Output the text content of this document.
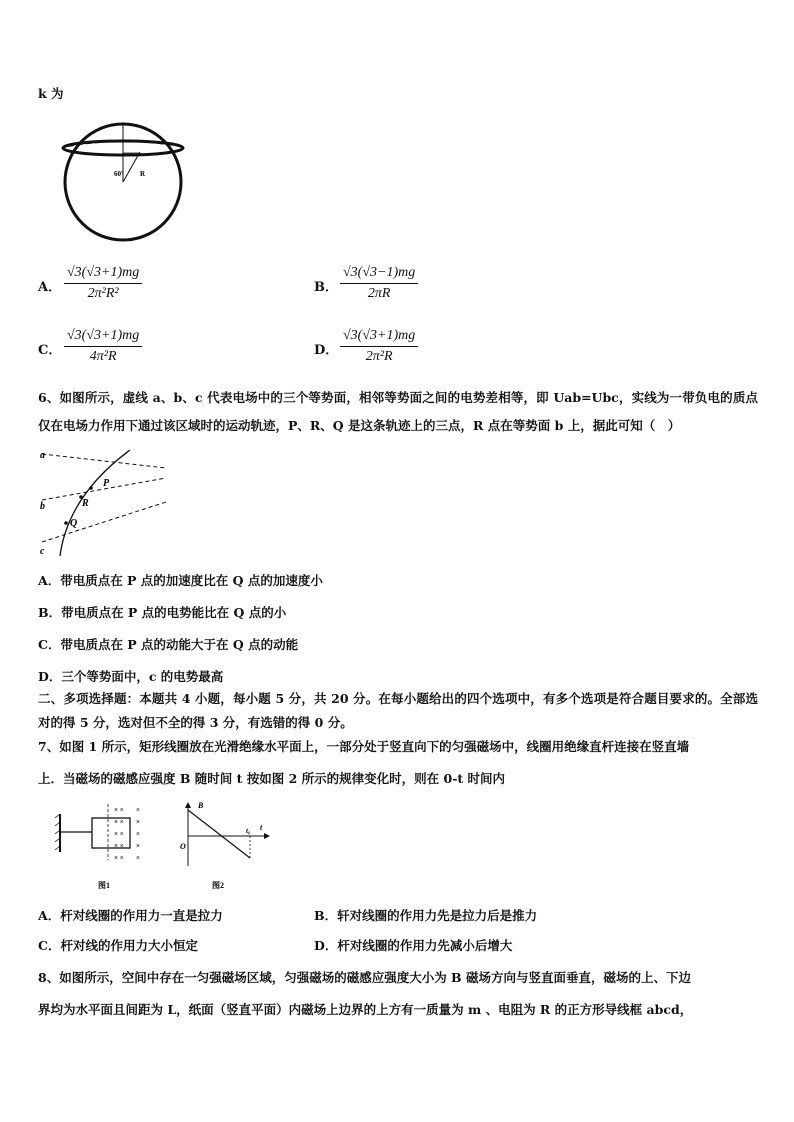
k 为
60° R
A． $\frac{√3(√3+1)mg}{\text{2π²R²}}$	B． $\frac{√3(√3-1)mg}{2\pi R}$
C． $\frac{√3(√3+1)mg}{\text{4π²R}}$	D． $\frac{√3(√3+1)mg}{\text{2π²R}}$
6、如图所示，虚线 a、b、c 代表电场中的三个等势面，相邻等势面之间的电势差相等，即 Uab=Ubc，实线为一带负电的质点仅在电场力作用下通过该区域时的运动轨迹，P、R、Q 是这条轨迹上的三点，R 点在等势面 b 上，据此可知（　）
a
b
c
P
R
Q
A．带电质点在 P 点的加速度比在 Q 点的加速度小
B．带电质点在 P 点的电势能比在 Q 点的小
C．带电质点在 P 点的动能大于在 Q 点的动能
D．三个等势面中，c 的电势最高
二、多项选择题：本题共 4 小题，每小题 5 分，共 20 分。在每小题给出的四个选项中，有多个选项是符合题目要求的。全部选对的得 5 分，选对但不全的得 3 分，有选错的得 0 分。
7、如图 1 所示，矩形线圈放在光滑绝缘水平面上，一部分处于竖直向下的匀强磁场中，线圈用绝缘直杆连接在竖直墙
上．当磁场的磁感应强度 B 随时间 t 按如图 2 所示的规律变化时，则在 0-t 时间内
× × ×
× × ×
× × ×
× × ×
× × ×
图1
B
O
t₀ t
图2
A．杆对线圈的作用力一直是拉力	B．轩对线圈的作用力先是拉力后是推力
C．杆对线的作用力大小恒定	D．杆对线圈的作用力先减小后增大
8、如图所示，空间中存在一匀强磁场区域，匀强磁场的磁感应强度大小为 B 磁场方向与竖直面垂直，磁场的上、下边
界均为水平面且间距为 L，纸面（竖直平面）内磁场上边界的上方有一质量为 m 、电阻为 R 的正方形导线框 abcd，
